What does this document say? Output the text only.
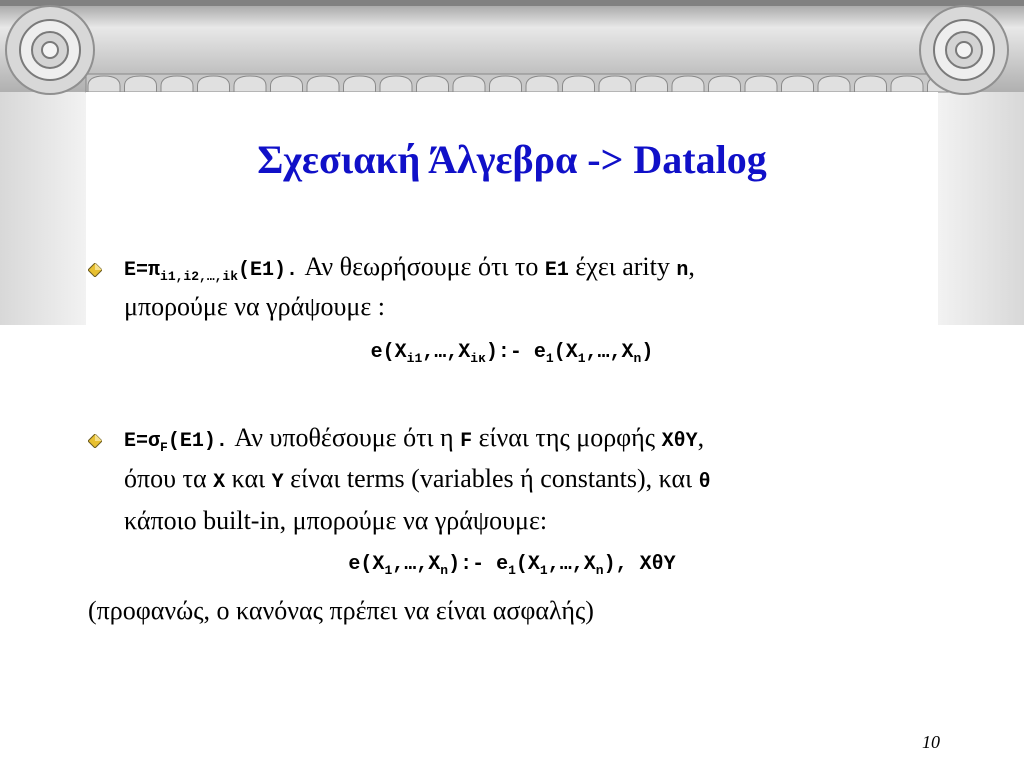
Σχεσιακή Άλγεβρα -> Datalog
$E=\pi_{i1,i2,\dots,ik}(E1)$. Αν θεωρήσουμε ότι το E1 έχει arity n,
μπορούμε να γράψουμε :
$e(X_{i1},\dots,X_{i\kappa}):-$ $e_1(X_1,\dots,X_n)$
$E=\sigma_F(E1)$. Αν υποθέσουμε ότι η F είναι της μορφής XθY,
όπου τα X και Y είναι terms (variables ή constants), και θ
κάποιο built-in, μπορούμε να γράψουμε:
$e(X_1,\dots,X_n):-$ $e_1(X_1,\dots,X_n)$, XθY
(προφανώς, ο κανόνας πρέπει να είναι ασφαλής)
10
